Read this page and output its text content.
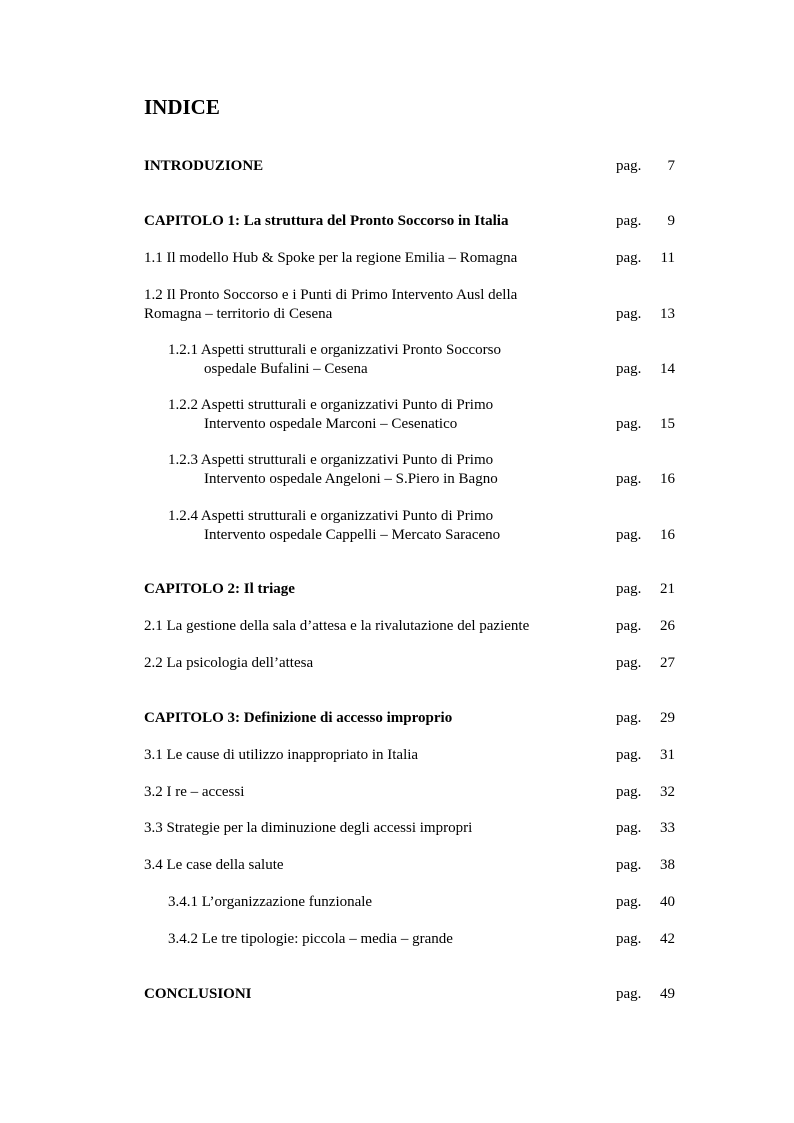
INDICE
INTRODUZIONE	pag.	7
CAPITOLO 1: La struttura del Pronto Soccorso in Italia	pag.	9
1.1 Il modello Hub & Spoke per la regione Emilia – Romagna	pag.	11
1.2 Il Pronto Soccorso e i Punti di Primo Intervento Ausl della
Romagna – territorio di Cesena	pag.	13
1.2.1 Aspetti strutturali e organizzativi Pronto Soccorso
ospedale Bufalini – Cesena	pag.	14
1.2.2 Aspetti strutturali e organizzativi Punto di Primo
Intervento ospedale Marconi – Cesenatico	pag.	15
1.2.3 Aspetti strutturali e organizzativi Punto di Primo
Intervento ospedale Angeloni – S.Piero in Bagno	pag.	16
1.2.4 Aspetti strutturali e organizzativi Punto di Primo
Intervento ospedale Cappelli – Mercato Saraceno	pag.	16
CAPITOLO 2: Il triage	pag.	21
2.1 La gestione della sala d’attesa e la rivalutazione del paziente	pag.	26
2.2 La psicologia dell’attesa	pag.	27
CAPITOLO 3: Definizione di accesso improprio	pag.	29
3.1 Le cause di utilizzo inappropriato in Italia	pag.	31
3.2 I re – accessi	pag.	32
3.3 Strategie per la diminuzione degli accessi impropri	pag.	33
3.4 Le case della salute	pag.	38
3.4.1 L’organizzazione funzionale	pag.	40
3.4.2 Le tre tipologie: piccola – media – grande	pag.	42
CONCLUSIONI	pag.	49
